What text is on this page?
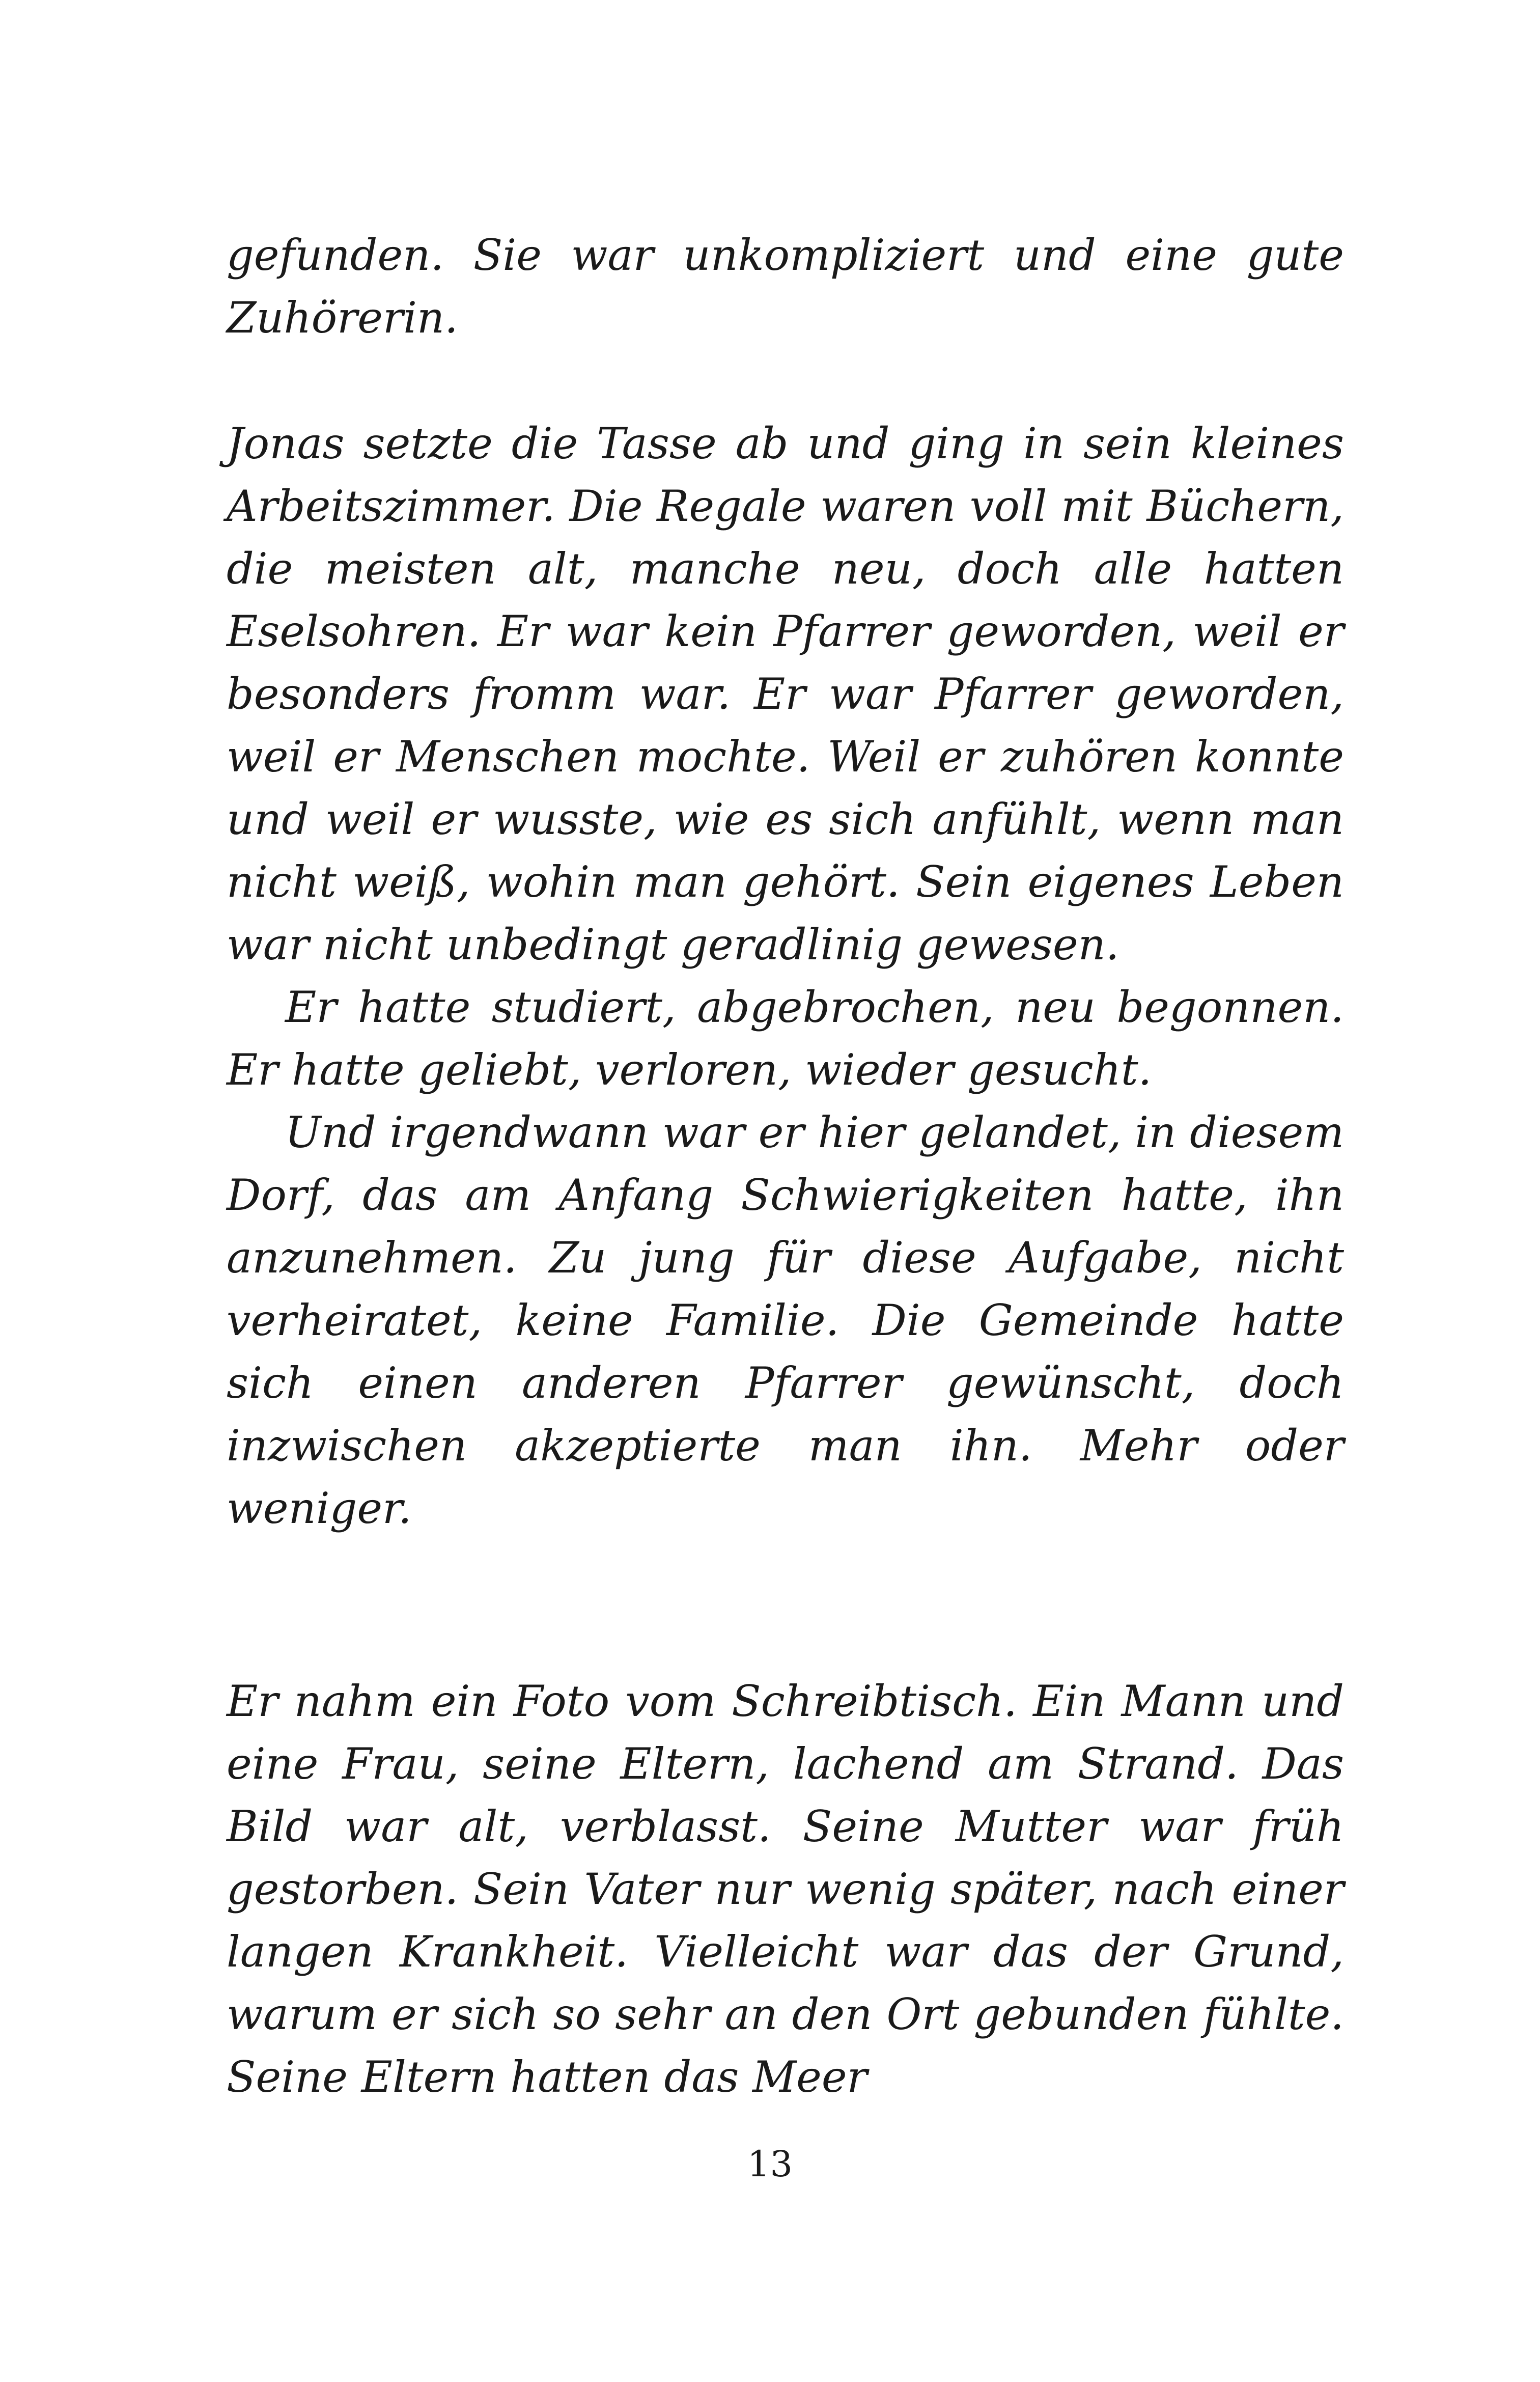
gefunden. Sie war unkompliziert und eine gute Zuhörerin.

Jonas setzte die Tasse ab und ging in sein kleines Arbeitszimmer. Die Regale waren voll mit Büchern, die meisten alt, manche neu, doch alle hatten Eselsohren. Er war kein Pfarrer geworden, weil er besonders fromm war. Er war Pfarrer geworden, weil er Menschen mochte. Weil er zuhören konnte und weil er wusste, wie es sich anfühlt, wenn man nicht weiß, wohin man gehört. Sein eigenes Leben war nicht unbedingt geradlinig gewesen.

Er hatte studiert, abgebrochen, neu begonnen. Er hatte geliebt, verloren, wieder gesucht.

Und irgendwann war er hier gelandet, in diesem Dorf, das am Anfang Schwierigkeiten hatte, ihn anzunehmen. Zu jung für diese Aufgabe, nicht verheiratet, keine Familie. Die Gemeinde hatte sich einen anderen Pfarrer gewünscht, doch inzwischen akzeptierte man ihn. Mehr oder weniger.

Er nahm ein Foto vom Schreibtisch. Ein Mann und eine Frau, seine Eltern, lachend am Strand. Das Bild war alt, verblasst. Seine Mutter war früh gestorben. Sein Vater nur wenig später, nach einer langen Krankheit. Vielleicht war das der Grund, warum er sich so sehr an den Ort gebunden fühlte. Seine Eltern hatten das Meer

13
